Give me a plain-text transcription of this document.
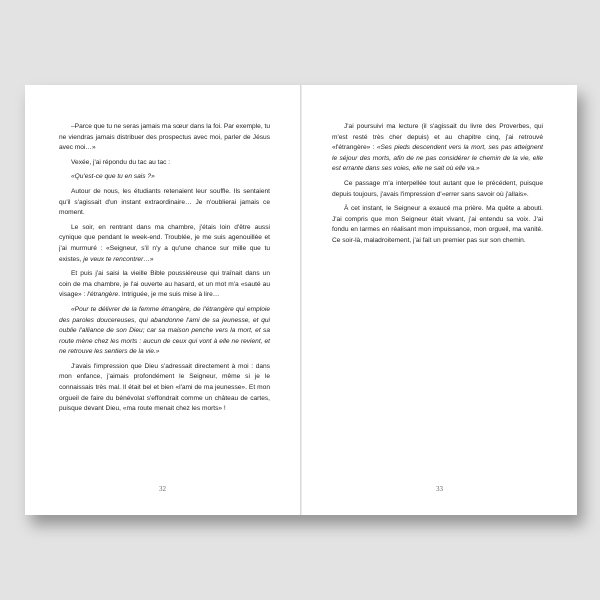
–Parce que tu ne seras jamais ma sœur dans la foi. Par exemple, tu ne viendras jamais distribuer des prospectus avec moi, parler de Jésus avec moi…»

Vexée, j'ai répondu du tac au tac :

«Qu'est-ce que tu en sais ?»

Autour de nous, les étudiants retenaient leur souffle. Ils sentaient qu'il s'agissait d'un instant extraordinaire… Je n'oublierai jamais ce moment.

Le soir, en rentrant dans ma chambre, j'étais loin d'être aussi cynique que pendant le week-end. Troublée, je me suis agenouillée et j'ai murmuré : «Seigneur, s'il n'y a qu'une chance sur mille que tu existes, je veux te rencontrer…»

Et puis j'ai saisi la vieille Bible poussiéreuse qui traînait dans un coin de ma chambre, je l'ai ouverte au hasard, et un mot m'a «sauté au visage» : l'étrangère. Intriguée, je me suis mise à lire…

«Pour te délivrer de la femme étrangère, de l'étrangère qui emploie des paroles doucereuses, qui abandonne l'ami de sa jeunesse, et qui oublie l'alliance de son Dieu; car sa maison penche vers la mort, et sa route mène chez les morts : aucun de ceux qui vont à elle ne revient, et ne retrouve les sentiers de la vie.»

J'avais l'impression que Dieu s'adressait directement à moi : dans mon enfance, j'aimais profondément le Seigneur, même si je le connaissais très mal. Il était bel et bien «l'ami de ma jeunesse». Et mon orgueil de faire du bénévolat s'effondrait comme un château de cartes, puisque devant Dieu, «ma route menait chez les morts» !

32

J'ai poursuivi ma lecture (il s'agissait du livre des Proverbes, qui m'est resté très cher depuis) et au chapitre cinq, j'ai retrouvé «l'étrangère» : «Ses pieds descendent vers la mort, ses pas atteignent le séjour des morts, afin de ne pas considérer le chemin de la vie, elle est errante dans ses voies, elle ne sait où elle va.»

Ce passage m'a interpellée tout autant que le précédent, puisque depuis toujours, j'avais l'impression d'«errer sans savoir où j'allais».

À cet instant, le Seigneur a exaucé ma prière. Ma quête a abouti. J'ai compris que mon Seigneur était vivant, j'ai entendu sa voix. J'ai fondu en larmes en réalisant mon impuissance, mon orgueil, ma vanité. Ce soir-là, maladroitement, j'ai fait un premier pas sur son chemin.

33
